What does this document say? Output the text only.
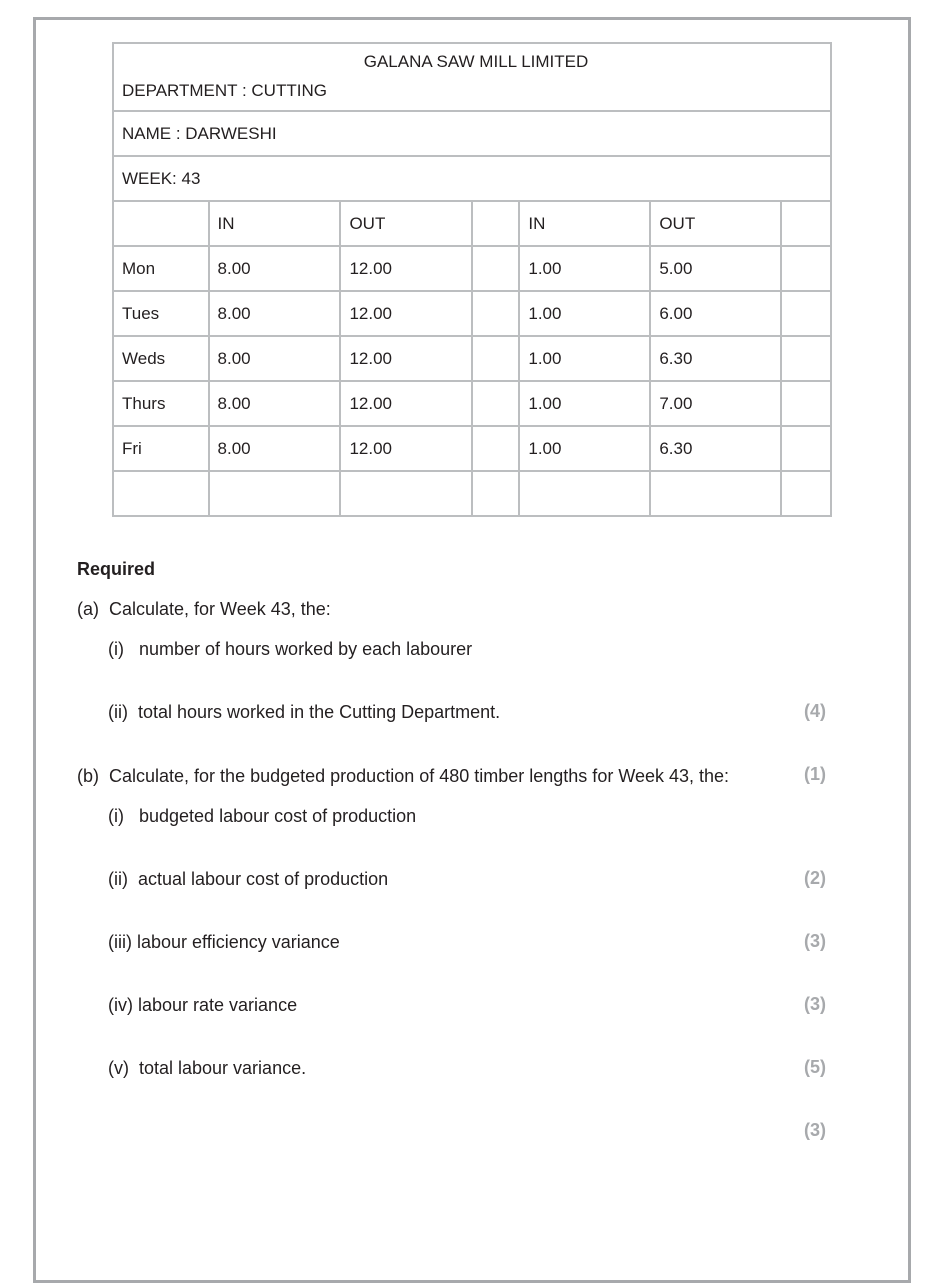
GALANA SAW MILL LIMITED						
DEPARTMENT : CUTTING						
NAME : DARWESHI						
WEEK: 43						
	IN	OUT		IN	OUT	
Mon	8.00	12.00		1.00	5.00	
Tues	8.00	12.00		1.00	6.00	
Weds	8.00	12.00		1.00	6.30	
Thurs	8.00	12.00		1.00	7.00	
Fri	8.00	12.00		1.00	6.30	

Required
(a)  Calculate, for Week 43, the:
(i)   number of hours worked by each labourer
(4)
(ii)  total hours worked in the Cutting Department.
(1)
(b)  Calculate, for the budgeted production of 480 timber lengths for Week 43, the:
(i)   budgeted labour cost of production
(2)
(ii)  actual labour cost of production
(3)
(iii) labour efficiency variance
(3)
(iv) labour rate variance
(5)
(v)  total labour variance.
(3)
